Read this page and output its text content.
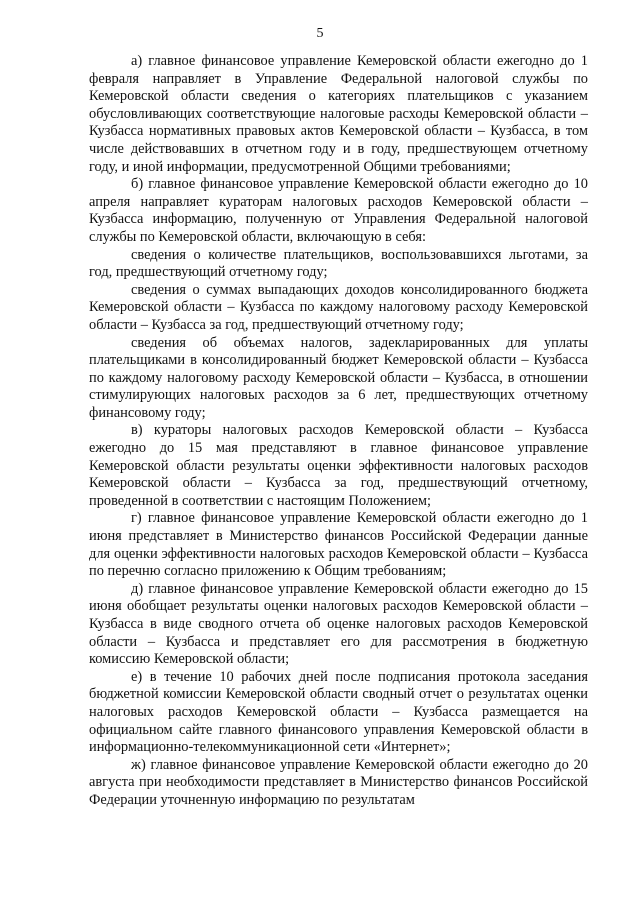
5

а) главное финансовое управление Кемеровской области ежегодно до 1 февраля направляет в Управление Федеральной налоговой службы по Кемеровской области сведения о категориях плательщиков с указанием обусловливающих соответствующие налоговые расходы Кемеровской области – Кузбасса нормативных правовых актов Кемеровской области – Кузбасса, в том числе действовавших в отчетном году и в году, предшествующем отчетному году, и иной информации, предусмотренной Общими требованиями;

б) главное финансовое управление Кемеровской области ежегодно до 10 апреля направляет кураторам налоговых расходов Кемеровской области – Кузбасса информацию, полученную от Управления Федеральной налоговой службы по Кемеровской области, включающую в себя:

сведения о количестве плательщиков, воспользовавшихся льготами, за год, предшествующий отчетному году;

сведения о суммах выпадающих доходов консолидированного бюджета Кемеровской области – Кузбасса по каждому налоговому расходу Кемеровской области – Кузбасса за год, предшествующий отчетному году;

сведения об объемах налогов, задекларированных для уплаты плательщиками в консолидированный бюджет Кемеровской области – Кузбасса по каждому налоговому расходу Кемеровской области – Кузбасса, в отношении стимулирующих налоговых расходов за 6 лет, предшествующих отчетному финансовому году;

в) кураторы налоговых расходов Кемеровской области – Кузбасса ежегодно до 15 мая представляют в главное финансовое управление Кемеровской области результаты оценки эффективности налоговых расходов Кемеровской области – Кузбасса за год, предшествующий отчетному, проведенной в соответствии с настоящим Положением;

г) главное финансовое управление Кемеровской области ежегодно до 1 июня представляет в Министерство финансов Российской Федерации данные для оценки эффективности налоговых расходов Кемеровской области – Кузбасса по перечню согласно приложению к Общим требованиям;

д) главное финансовое управление Кемеровской области ежегодно до 15 июня обобщает результаты оценки налоговых расходов Кемеровской области – Кузбасса в виде сводного отчета об оценке налоговых расходов Кемеровской области – Кузбасса и представляет его для рассмотрения в бюджетную комиссию Кемеровской области;

е) в течение 10 рабочих дней после подписания протокола заседания бюджетной комиссии Кемеровской области сводный отчет о результатах оценки налоговых расходов Кемеровской области – Кузбасса размещается на официальном сайте главного финансового управления Кемеровской области в информационно-телекоммуникационной сети «Интернет»;

ж) главное финансовое управление Кемеровской области ежегодно до 20 августа при необходимости представляет в Министерство финансов Российской Федерации уточненную информацию по результатам
